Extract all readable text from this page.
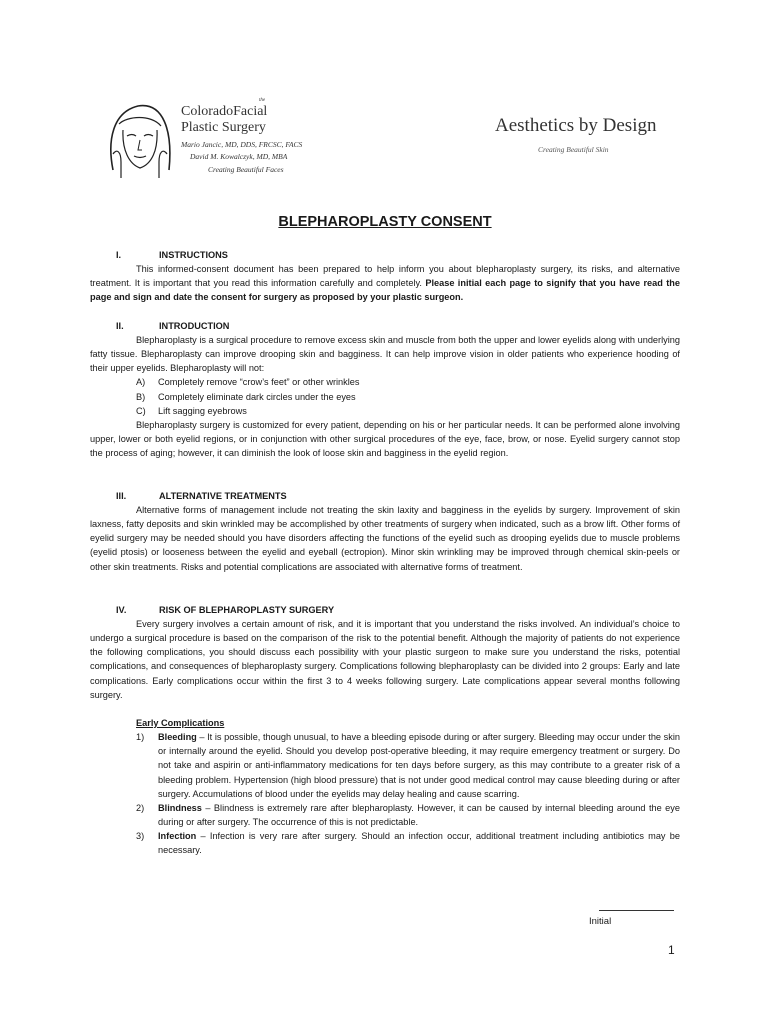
the
ColoradoFacial
Plastic Surgery
Mario Jancic, MD, DDS, FRCSC, FACS
David M. Kowalczyk, MD, MBA
Creating Beautiful Faces
Aesthetics by Design
Creating Beautiful Skin
BLEPHAROPLASTY CONSENT
I.	INSTRUCTIONS

This informed-consent document has been prepared to help inform you about blepharoplasty surgery, its risks, and alternative treatment. It is important that you read this information carefully and completely. Please initial each page to signify that you have read the page and sign and date the consent for surgery as proposed by your plastic surgeon.

II.	INTRODUCTION

Blepharoplasty is a surgical procedure to remove excess skin and muscle from both the upper and lower eyelids along with underlying fatty tissue. Blepharoplasty can improve drooping skin and bagginess. It can help improve vision in older patients who experience hooding of their upper eyelids. Blepharoplasty will not:

A) Completely remove “crow’s feet” or other wrinkles
B) Completely eliminate dark circles under the eyes
C) Lift sagging eyebrows

Blepharoplasty surgery is customized for every patient, depending on his or her particular needs. It can be performed alone involving upper, lower or both eyelid regions, or in conjunction with other surgical procedures of the eye, face, brow, or nose. Eyelid surgery cannot stop the process of aging; however, it can diminish the look of loose skin and bagginess in the eyelid region.

III.	ALTERNATIVE TREATMENTS

Alternative forms of management include not treating the skin laxity and bagginess in the eyelids by surgery. Improvement of skin laxness, fatty deposits and skin wrinkled may be accomplished by other treatments of surgery when indicated, such as a brow lift. Other forms of eyelid surgery may be needed should you have disorders affecting the functions of the eyelid such as drooping eyelids due to muscle problems (eyelid ptosis) or looseness between the eyelid and eyeball (ectropion). Minor skin wrinkling may be improved through chemical skin-peels or other skin treatments. Risks and potential complications are associated with alternative forms of treatment.

IV.	RISK OF BLEPHAROPLASTY SURGERY

Every surgery involves a certain amount of risk, and it is important that you understand the risks involved. An individual’s choice to undergo a surgical procedure is based on the comparison of the risk to the potential benefit. Although the majority of patients do not experience the following complications, you should discuss each possibility with your plastic surgeon to make sure you understand the risks, potential complications, and consequences of blepharoplasty surgery. Complications following blepharoplasty can be divided into 2 groups: Early and late complications. Early complications occur within the first 3 to 4 weeks following surgery. Late complications appear several months following surgery.

Early Complications
1) Bleeding – It is possible, though unusual, to have a bleeding episode during or after surgery. Bleeding may occur under the skin or internally around the eyelid. Should you develop post-operative bleeding, it may require emergency treatment or surgery. Do not take and aspirin or anti-inflammatory medications for ten days before surgery, as this may contribute to a greater risk of a bleeding problem. Hypertension (high blood pressure) that is not under good medical control may cause bleeding during or after surgery. Accumulations of blood under the eyelids may delay healing and cause scarring.
2) Blindness – Blindness is extremely rare after blepharoplasty. However, it can be caused by internal bleeding around the eye during or after surgery. The occurrence of this is not predictable.
3) Infection – Infection is very rare after surgery. Should an infection occur, additional treatment including antibiotics may be necessary.
Initial
1
